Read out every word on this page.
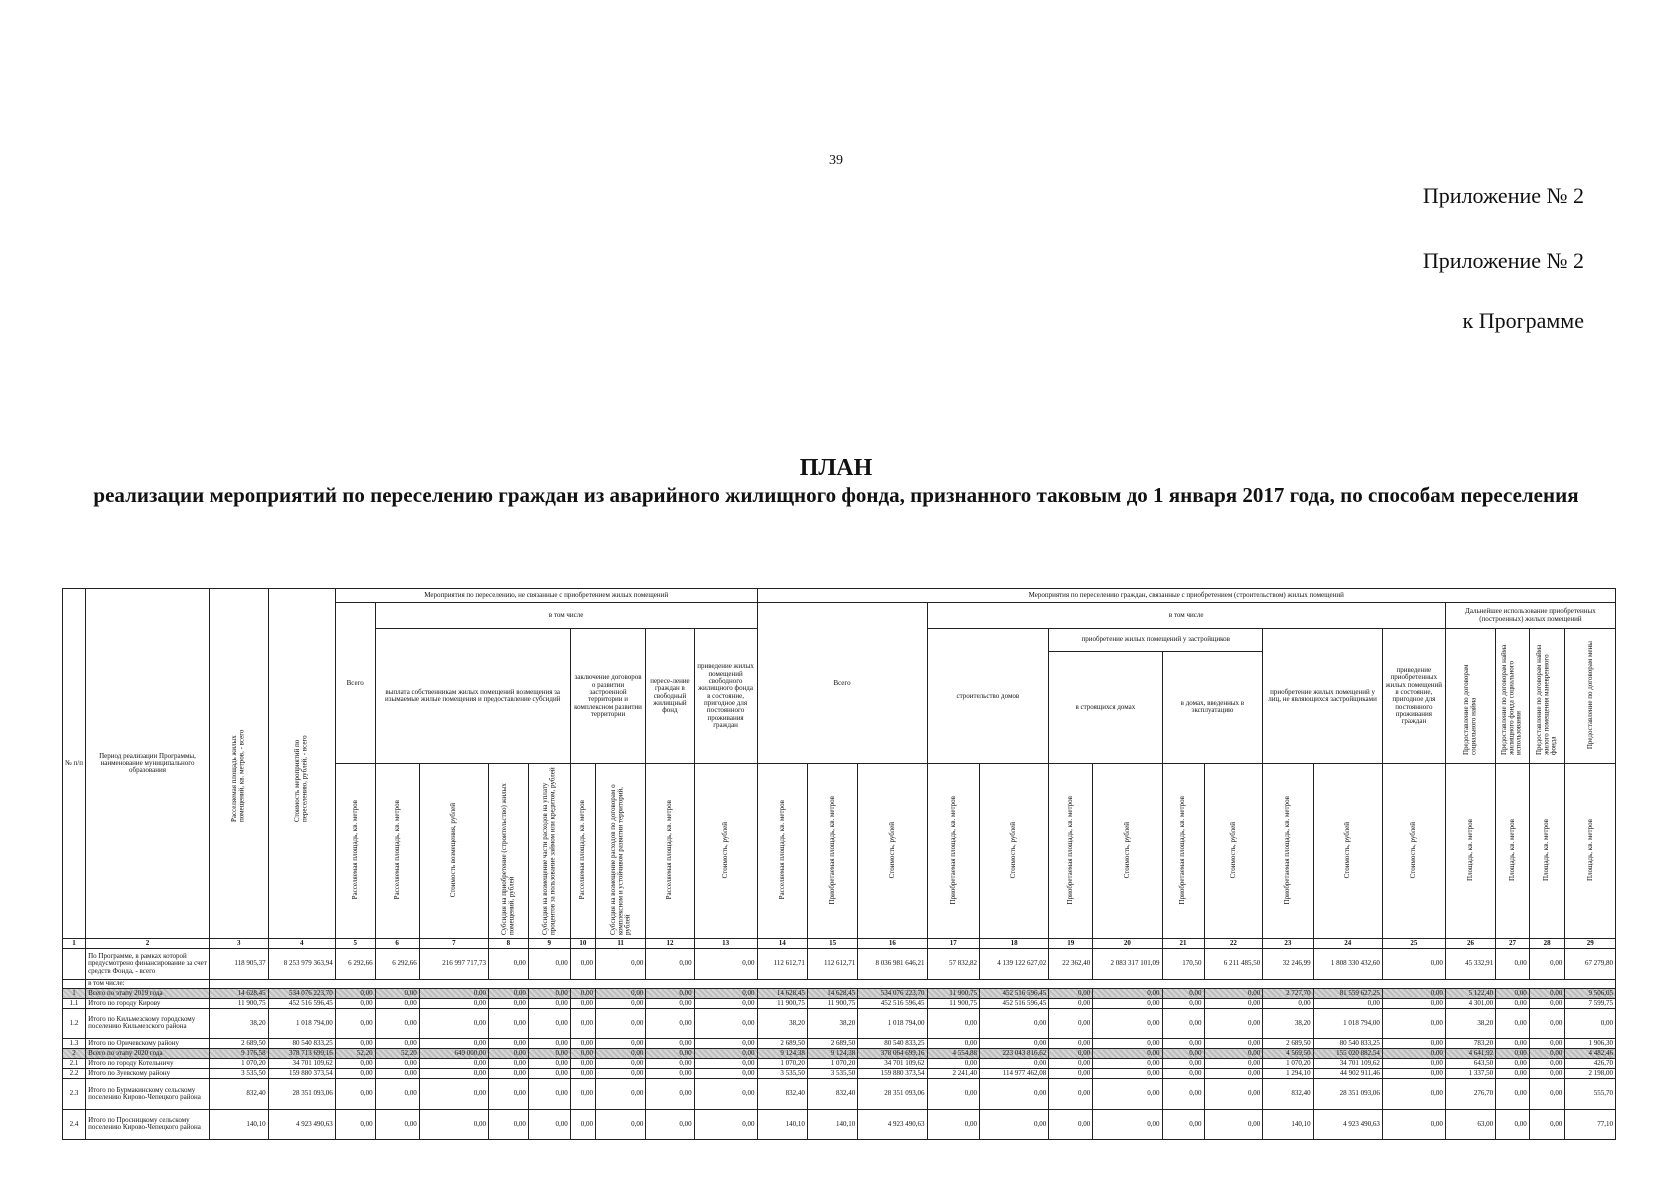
39
Приложение № 2
Приложение № 2
к Программе
ПЛАН

реализации мероприятий по переселению граждан из аварийного жилищного фонда, признанного таковым до 1 января 2017 года, по способам переселения
№ п/п	Период реализации Программы, наименование муниципального образования	Расселяемая площадь жилых помещений, кв. метров, - всего	Стоимость мероприятий по переселению, рублей, - всего	Мероприятия по переселению, не связанные с приобретением жилых помещений									Мероприятия по переселению граждан, связанные с приобретением (строительством) жилых помещений															
				Всего	в том числе								Всего			в том числе									Дальнейшее использование приобретенных (построенных) жилых помещений			
					выплата собственникам жилых помещений возмещения за изымаемые жилые помещения и предоставление субсидий				заключение договоров о развитии застроенной территории и комплексном развитии территории		пересе-ление граждан в свободный жилищный фонд	приведение жилых помещений свободного жилищного фонда в состояние, пригодное для постоянного проживания граждан				строительство домов		приобретение жилых помещений у застройщиков				приобретение жилых помещений у лиц, не являющихся застройщиками		приведение приобретенных жилых помещений в состояние, пригодное для постоянного проживания граждан	Предоставление по договорам социального найма	Предоставление по договорам найма жилищного фонда социального использования	Предоставление по договорам найма жилого помещения маневренного фонда	Предоставление по договорам мены
																		в строящихся домах		в домах, введенных в эксплуатацию								
				Расселяемая площадь, кв. метров	Расселяемая площадь, кв. метров	Стоимость возмещения, рублей	Субсидия на приобретение (строительство) жилых помещений, рублей	Субсидия на возмещение части расходов на уплату процентов за пользование займом или кредитом, рублей	Расселяемая площадь, кв. метров	Субсидия на возмещение расходов по договорам о комплексном и устойчивом развитии территорий, рублей	Расселяемая площадь, кв. метров	Стоимость, рублей	Расселяемая площадь, кв. метров	Приобретаемая площадь, кв. метров	Стоимость, рублей	Приобретаемая площадь, кв. метров	Стоимость, рублей	Приобретаемая площадь, кв. метров	Стоимость, рублей	Приобретаемая площадь, кв. метров	Стоимость, рублей	Приобретаемая площадь, кв. метров	Стоимость, рублей	Стоимость, рублей	Площадь, кв. метров	Площадь, кв. метров	Площадь, кв. метров	Площадь, кв. метров
1	2	3	4	5	6	7	8	9	10	11	12	13	14	15	16	17	18	19	20	21	22	23	24	25	26	27	28	29
	По Программе, в рамках которой предусмотрено финансирование за счет средств Фонда, - всего	118 905,37	8 253 979 363,94	6 292,66	6 292,66	216 997 717,73	0,00	0,00	0,00	0,00	0,00	0,00	112 612,71	112 612,71	8 036 981 646,21	57 832,82	4 139 122 627,02	22 362,40	2 083 317 101,09	170,50	6 211 485,50	32 246,99	1 808 330 432,60	0,00	45 332,91	0,00	0,00	67 279,80
	в том числе:																											
1	Всего по этапу 2019 года	14 628,45	534 076 223,70	0,00	0,00	0,00	0,00	0,00	0,00	0,00	0,00	0,00	14 628,45	14 628,45	534 076 223,70	11 900,75	452 516 596,45	0,00	0,00	0,00	0,00	2 727,70	81 559 627,25	0,00	5 122,40	0,00	0,00	9 506,05
1.1	Итого по городу Кирову	11 900,75	452 516 596,45	0,00	0,00	0,00	0,00	0,00	0,00	0,00	0,00	0,00	11 900,75	11 900,75	452 516 596,45	11 900,75	452 516 596,45	0,00	0,00	0,00	0,00	0,00	0,00	0,00	4 301,00	0,00	0,00	7 599,75
1.2	Итого по Кильмезскому городскому поселению Кильмезского района	38,20	1 018 794,00	0,00	0,00	0,00	0,00	0,00	0,00	0,00	0,00	0,00	38,20	38,20	1 018 794,00	0,00	0,00	0,00	0,00	0,00	0,00	38,20	1 018 794,00	0,00	38,20	0,00	0,00	0,00
1.3	Итого по Оричевскому району	2 689,50	80 540 833,25	0,00	0,00	0,00	0,00	0,00	0,00	0,00	0,00	0,00	2 689,50	2 689,50	80 540 833,25	0,00	0,00	0,00	0,00	0,00	0,00	2 689,50	80 540 833,25	0,00	783,20	0,00	0,00	1 906,30
2	Всего по этапу 2020 года	9 176,58	378 713 699,16	52,20	52,20	649 000,00	0,00	0,00	0,00	0,00	0,00	0,00	9 124,38	9 124,38	378 064 699,16	4 554,88	223 043 816,62	0,00	0,00	0,00	0,00	4 569,50	155 020 882,54	0,00	4 641,92	0,00	0,00	4 482,46
2.1	Итого по городу Котельничу	1 070,20	34 701 109,62	0,00	0,00	0,00	0,00	0,00	0,00	0,00	0,00	0,00	1 070,20	1 070,20	34 701 109,62	0,00	0,00	0,00	0,00	0,00	0,00	1 070,20	34 701 109,62	0,00	643,50	0,00	0,00	426,70
2.2	Итого по Зуевскому району	3 535,50	159 880 373,54	0,00	0,00	0,00	0,00	0,00	0,00	0,00	0,00	0,00	3 535,50	3 535,50	159 880 373,54	2 241,40	114 977 462,08	0,00	0,00	0,00	0,00	1 294,10	44 902 911,46	0,00	1 337,50	0,00	0,00	2 198,00
2.3	Итого по Бурмакинскому сельскому поселению Кирово-Чепецкого района	832,40	28 351 093,06	0,00	0,00	0,00	0,00	0,00	0,00	0,00	0,00	0,00	832,40	832,40	28 351 093,06	0,00	0,00	0,00	0,00	0,00	0,00	832,40	28 351 093,06	0,00	276,70	0,00	0,00	555,70
2.4	Итого по Просницкому сельскому поселению Кирово-Чепецкого района	140,10	4 923 490,63	0,00	0,00	0,00	0,00	0,00	0,00	0,00	0,00	0,00	140,10	140,10	4 923 490,63	0,00	0,00	0,00	0,00	0,00	0,00	140,10	4 923 490,63	0,00	63,00	0,00	0,00	77,10
